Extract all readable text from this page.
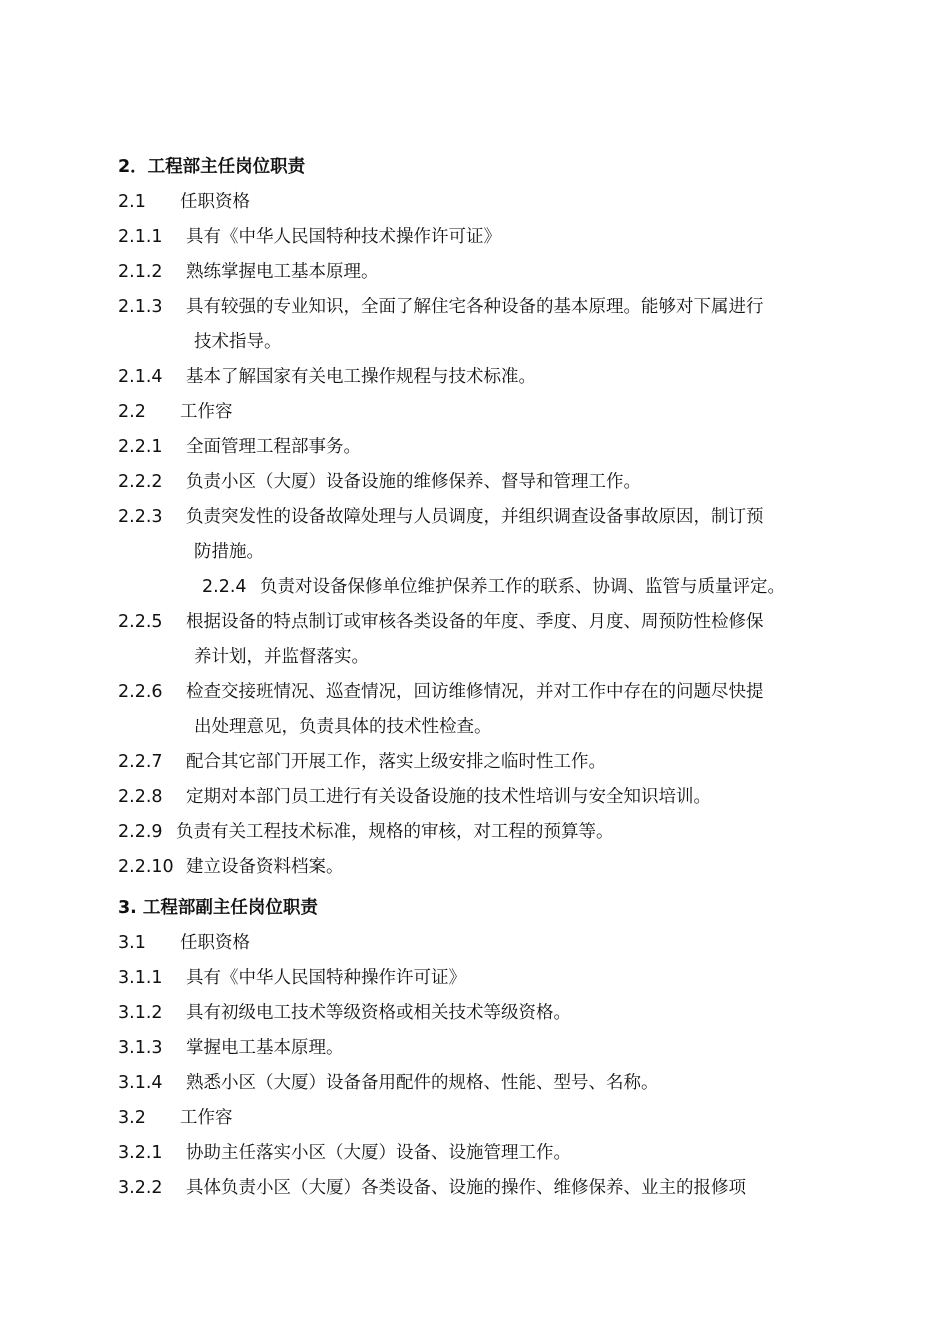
2．工程部主任岗位职责
2.1	任职资格
2.1.1	具有《中华人民国特种技术操作许可证》
2.1.2	熟练掌握电工基本原理。
2.1.3	具有较强的专业知识，全面了解住宅各种设备的基本原理。能够对下属进行
技术指导。
2.1.4	基本了解国家有关电工操作规程与技术标准。
2.2	工作容
2.2.1	全面管理工程部事务。
2.2.2	负责小区（大厦）设备设施的维修保养、督导和管理工作。
2.2.3	负责突发性的设备故障处理与人员调度，并组织调查设备事故原因，制订预
防措施。
2.2.4 负责对设备保修单位维护保养工作的联系、协调、监管与质量评定。
2.2.5	根据设备的特点制订或审核各类设备的年度、季度、月度、周预防性检修保
养计划，并监督落实。
2.2.6	检查交接班情况、巡查情况，回访维修情况，并对工作中存在的问题尽快提
出处理意见，负责具体的技术性检查。
2.2.7	配合其它部门开展工作，落实上级安排之临时性工作。
2.2.8	定期对本部门员工进行有关设备设施的技术性培训与安全知识培训。
2.2.9 负责有关工程技术标准，规格的审核，对工程的预算等。
2.2.10 建立设备资料档案。
3. 工程部副主任岗位职责
3.1	任职资格
3.1.1	具有《中华人民国特种操作许可证》
3.1.2	具有初级电工技术等级资格或相关技术等级资格。
3.1.3	掌握电工基本原理。
3.1.4	熟悉小区（大厦）设备备用配件的规格、性能、型号、名称。
3.2	工作容
3.2.1	协助主任落实小区（大厦）设备、设施管理工作。
3.2.2	具体负责小区（大厦）各类设备、设施的操作、维修保养、业主的报修项
